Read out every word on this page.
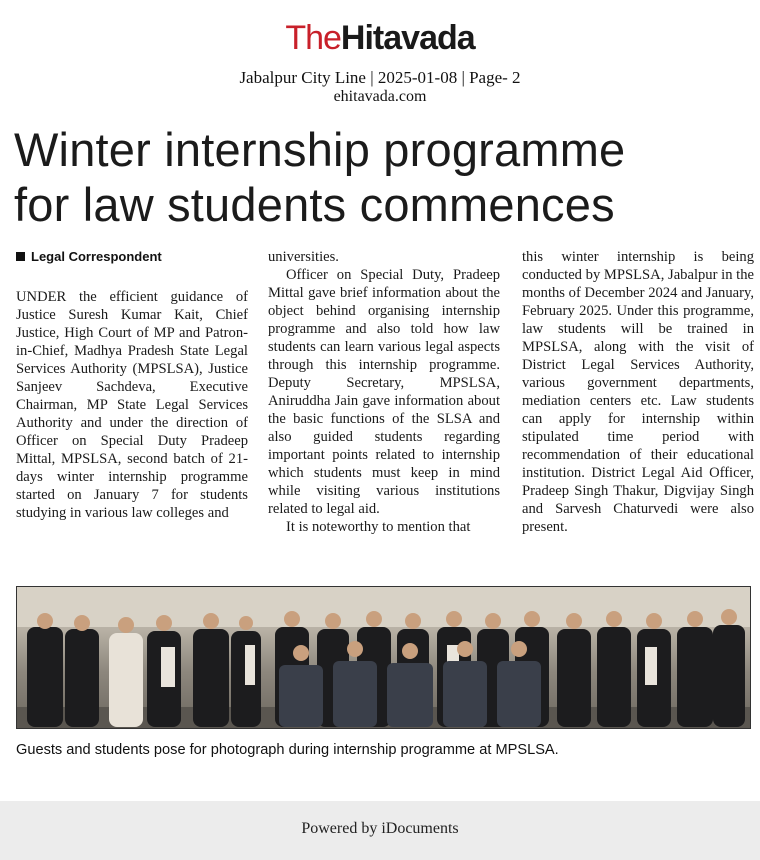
TheHitavada
Jabalpur City Line | 2025-01-08 | Page- 2
ehitavada.com
Winter internship programme
for law students commences
Legal Correspondent

UNDER the efficient guidance of Justice Suresh Kumar Kait, Chief Justice, High Court of MP and Patron-in-Chief, Madhya Pradesh State Legal Services Authority (MPSLSA), Justice Sanjeev Sachdeva, Executive Chairman, MP State Legal Services Authority and under the direction of Officer on Special Duty Pradeep Mittal, MPSLSA, second batch of 21-days winter internship programme started on January 7 for students studying in various law colleges and

universities.

Officer on Special Duty, Pradeep Mittal gave brief information about the object behind organising internship programme and also told how law students can learn various legal aspects through this internship programme. Deputy Secretary, MPSLSA, Aniruddha Jain gave information about the basic functions of the SLSA and also guided students regarding important points related to internship which students must keep in mind while visiting various institutions related to legal aid.

It is noteworthy to mention that

this winter internship is being conducted by MPSLSA, Jabalpur in the months of December 2024 and January, February 2025. Under this programme, law students will be trained in MPSLSA, along with the visit of District Legal Services Authority, various government departments, mediation centers etc. Law students can apply for internship within stipulated time period with recommendation of their educational institution. District Legal Aid Officer, Pradeep Singh Thakur, Digvijay Singh and Sarvesh Chaturvedi were also present.

Guests and students pose for photograph during internship programme at MPSLSA.
Powered by iDocuments
